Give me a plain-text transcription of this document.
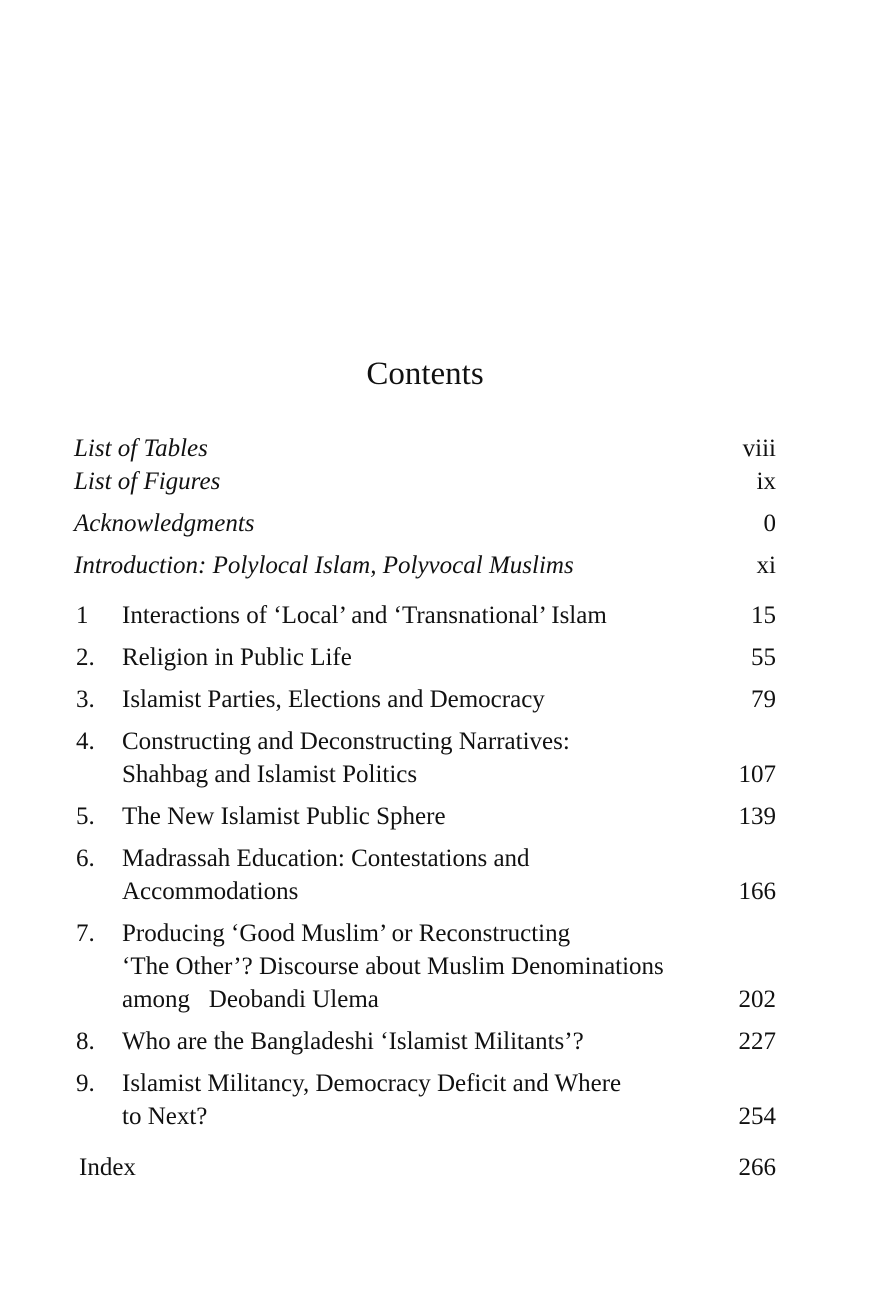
Contents
List of Tables	viii
List of Figures	ix
Acknowledgments	0
Introduction: Polylocal Islam, Polyvocal Muslims	xi
1 Interactions of ‘Local’ and ‘Transnational’ Islam	15
2. Religion in Public Life	55
3. Islamist Parties, Elections and Democracy	79
4. Constructing and Deconstructing Narratives:
Shahbag and Islamist Politics	107
5. The New Islamist Public Sphere	139
6. Madrassah Education: Contestations and
Accommodations	166
7. Producing ‘Good Muslim’ or Reconstructing
‘The Other’? Discourse about Muslim Denominations
among   Deobandi Ulema	202
8. Who are the Bangladeshi ‘Islamist Militants’?	227
9. Islamist Militancy, Democracy Deficit and Where
to Next?	254
Index	266
